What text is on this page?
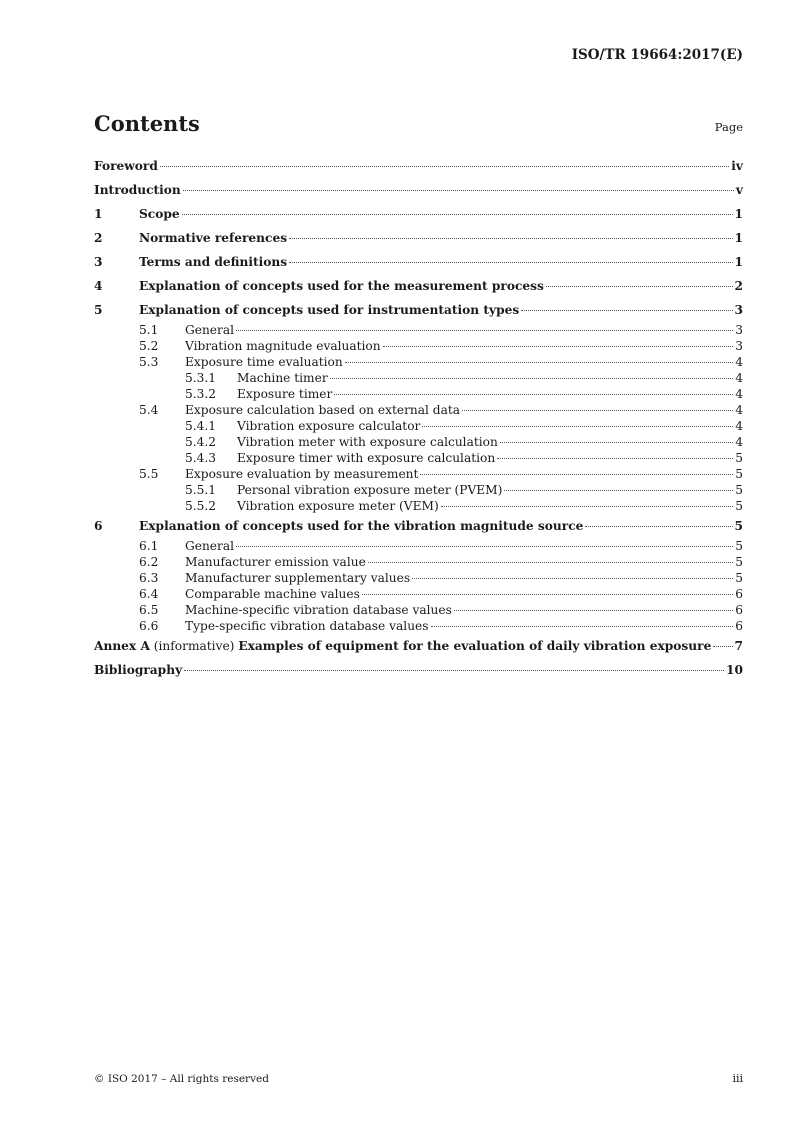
ISO/TR 19664:2017(E)
Contents	Page
Foreword	iv
Introduction	v
1	Scope	1
2	Normative references	1
3	Terms and definitions	1
4	Explanation of concepts used for the measurement process	2
5	Explanation of concepts used for instrumentation types	3
5.1	General	3
5.2	Vibration magnitude evaluation	3
5.3	Exposure time evaluation	4
5.3.1	Machine timer	4
5.3.2	Exposure timer	4
5.4	Exposure calculation based on external data	4
5.4.1	Vibration exposure calculator	4
5.4.2	Vibration meter with exposure calculation	4
5.4.3	Exposure timer with exposure calculation	5
5.5	Exposure evaluation by measurement	5
5.5.1	Personal vibration exposure meter (PVEM)	5
5.5.2	Vibration exposure meter (VEM)	5
6	Explanation of concepts used for the vibration magnitude source	5
6.1	General	5
6.2	Manufacturer emission value	5
6.3	Manufacturer supplementary values	5
6.4	Comparable machine values	6
6.5	Machine-specific vibration database values	6
6.6	Type-specific vibration database values	6
Annex A (informative) Examples of equipment for the evaluation of daily vibration exposure 7
Bibliography	10
© ISO 2017 – All rights reserved	iii
